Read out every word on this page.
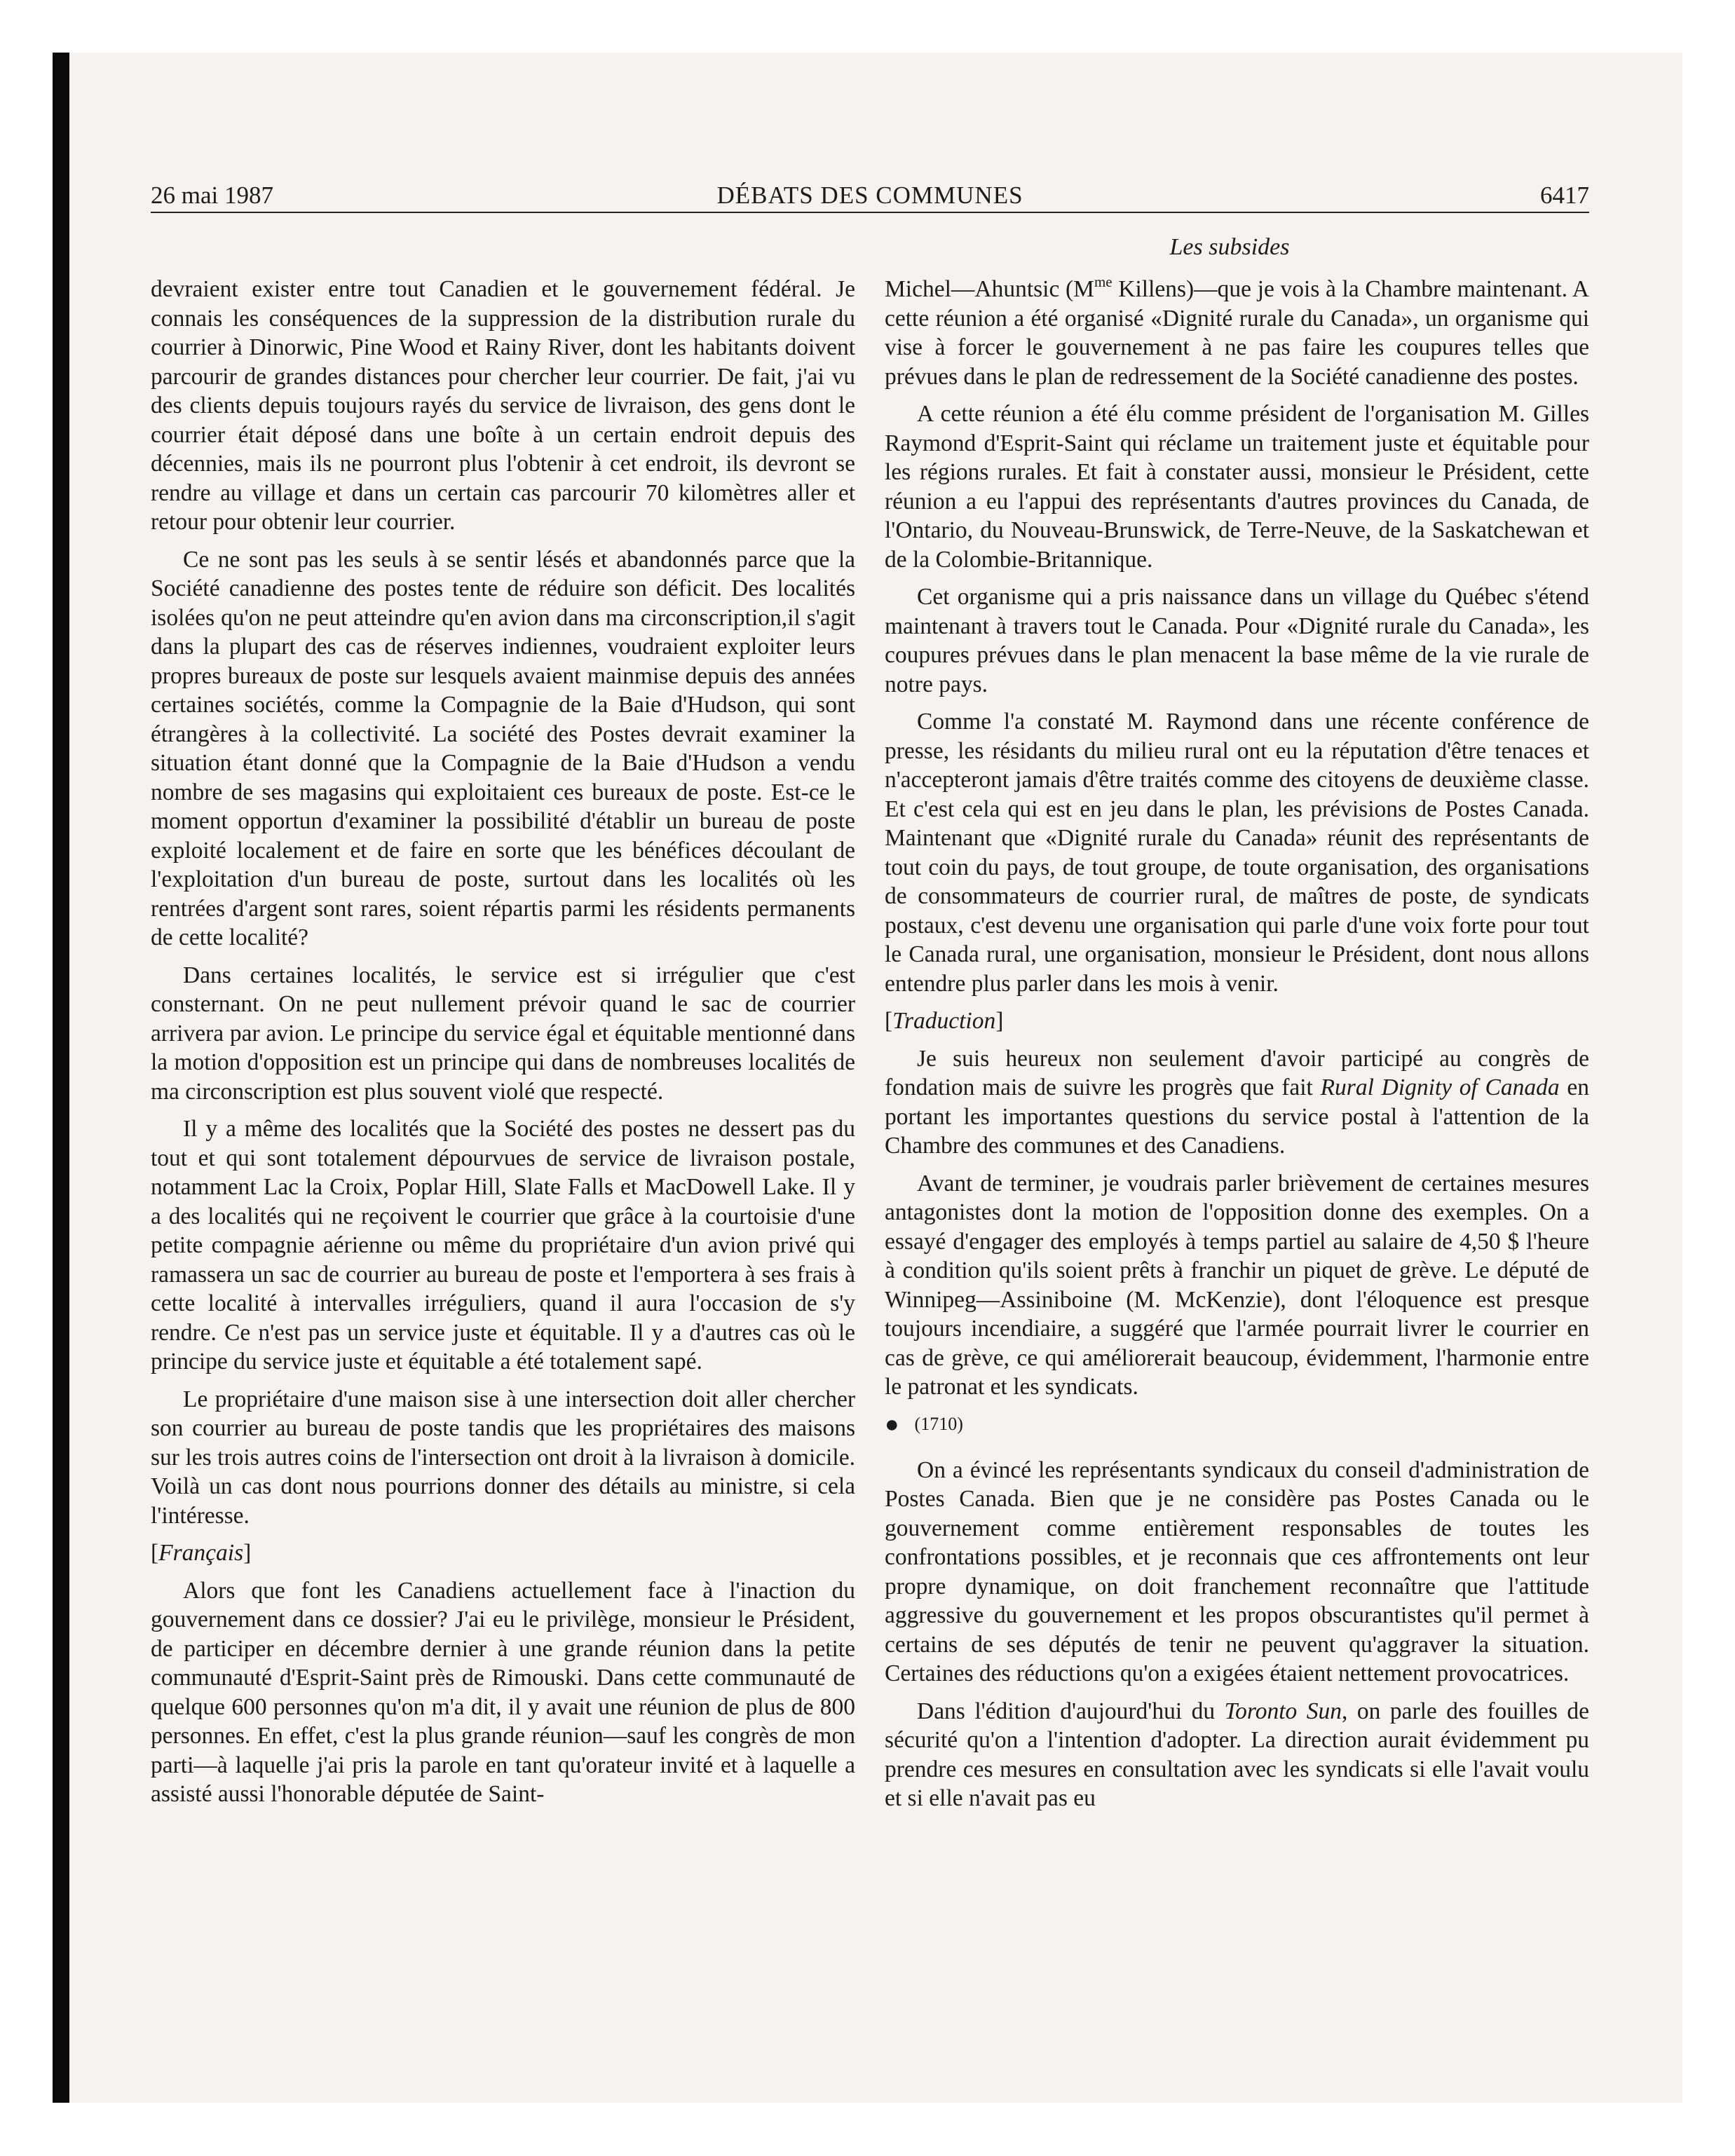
26 mai 1987	DÉBATS DES COMMUNES	6417
Les subsides

devraient exister entre tout Canadien et le gouvernement fédéral. Je connais les conséquences de la suppression de la distribution rurale du courrier à Dinorwic, Pine Wood et Rainy River, dont les habitants doivent parcourir de grandes distances pour chercher leur courrier. De fait, j'ai vu des clients depuis toujours rayés du service de livraison, des gens dont le courrier était déposé dans une boîte à un certain endroit depuis des décennies, mais ils ne pourront plus l'obtenir à cet endroit, ils devront se rendre au village et dans un certain cas parcourir 70 kilomètres aller et retour pour obtenir leur courrier.

Ce ne sont pas les seuls à se sentir lésés et abandonnés parce que la Société canadienne des postes tente de réduire son déficit. Des localités isolées qu'on ne peut atteindre qu'en avion dans ma circonscription,il s'agit dans la plupart des cas de réserves indiennes, voudraient exploiter leurs propres bureaux de poste sur lesquels avaient mainmise depuis des années certaines sociétés, comme la Compagnie de la Baie d'Hudson, qui sont étrangères à la collectivité. La société des Postes devrait examiner la situation étant donné que la Compagnie de la Baie d'Hudson a vendu nombre de ses magasins qui exploitaient ces bureaux de poste. Est-ce le moment opportun d'examiner la possibilité d'établir un bureau de poste exploité localement et de faire en sorte que les bénéfices découlant de l'exploitation d'un bureau de poste, surtout dans les localités où les rentrées d'argent sont rares, soient répartis parmi les résidents permanents de cette localité?

Dans certaines localités, le service est si irrégulier que c'est consternant. On ne peut nullement prévoir quand le sac de courrier arrivera par avion. Le principe du service égal et équitable mentionné dans la motion d'opposition est un principe qui dans de nombreuses localités de ma circonscription est plus souvent violé que respecté.

Il y a même des localités que la Société des postes ne dessert pas du tout et qui sont totalement dépourvues de service de livraison postale, notamment Lac la Croix, Poplar Hill, Slate Falls et MacDowell Lake. Il y a des localités qui ne reçoivent le courrier que grâce à la courtoisie d'une petite compagnie aérienne ou même du propriétaire d'un avion privé qui ramassera un sac de courrier au bureau de poste et l'emportera à ses frais à cette localité à intervalles irréguliers, quand il aura l'occasion de s'y rendre. Ce n'est pas un service juste et équitable. Il y a d'autres cas où le principe du service juste et équitable a été totalement sapé.

Le propriétaire d'une maison sise à une intersection doit aller chercher son courrier au bureau de poste tandis que les propriétaires des maisons sur les trois autres coins de l'intersection ont droit à la livraison à domicile. Voilà un cas dont nous pourrions donner des détails au ministre, si cela l'intéresse.

[Français]

Alors que font les Canadiens actuellement face à l'inaction du gouvernement dans ce dossier? J'ai eu le privilège, monsieur le Président, de participer en décembre dernier à une grande réunion dans la petite communauté d'Esprit-Saint près de Rimouski. Dans cette communauté de quelque 600 personnes qu'on m'a dit, il y avait une réunion de plus de 800 personnes. En effet, c'est la plus grande réunion—sauf les congrès de mon parti—à laquelle j'ai pris la parole en tant qu'orateur invité et à laquelle a assisté aussi l'honorable députée de Saint-

Michel—Ahuntsic ($M^{me}$ Killens)—que je vois à la Chambre maintenant. A cette réunion a été organisé «Dignité rurale du Canada», un organisme qui vise à forcer le gouvernement à ne pas faire les coupures telles que prévues dans le plan de redressement de la Société canadienne des postes.

A cette réunion a été élu comme président de l'organisation M. Gilles Raymond d'Esprit-Saint qui réclame un traitement juste et équitable pour les régions rurales. Et fait à constater aussi, monsieur le Président, cette réunion a eu l'appui des représentants d'autres provinces du Canada, de l'Ontario, du Nouveau-Brunswick, de Terre-Neuve, de la Saskatchewan et de la Colombie-Britannique.

Cet organisme qui a pris naissance dans un village du Québec s'étend maintenant à travers tout le Canada. Pour «Dignité rurale du Canada», les coupures prévues dans le plan menacent la base même de la vie rurale de notre pays.

Comme l'a constaté M. Raymond dans une récente conférence de presse, les résidants du milieu rural ont eu la réputation d'être tenaces et n'accepteront jamais d'être traités comme des citoyens de deuxième classe. Et c'est cela qui est en jeu dans le plan, les prévisions de Postes Canada. Maintenant que «Dignité rurale du Canada» réunit des représentants de tout coin du pays, de tout groupe, de toute organisation, des organisations de consommateurs de courrier rural, de maîtres de poste, de syndicats postaux, c'est devenu une organisation qui parle d'une voix forte pour tout le Canada rural, une organisation, monsieur le Président, dont nous allons entendre plus parler dans les mois à venir.

[Traduction]

Je suis heureux non seulement d'avoir participé au congrès de fondation mais de suivre les progrès que fait Rural Dignity of Canada en portant les importantes questions du service postal à l'attention de la Chambre des communes et des Canadiens.

Avant de terminer, je voudrais parler brièvement de certaines mesures antagonistes dont la motion de l'opposition donne des exemples. On a essayé d'engager des employés à temps partiel au salaire de 4,50 $ l'heure à condition qu'ils soient prêts à franchir un piquet de grève. Le député de Winnipeg—Assiniboine (M. McKenzie), dont l'éloquence est presque toujours incendiaire, a suggéré que l'armée pourrait livrer le courrier en cas de grève, ce qui améliorerait beaucoup, évidemment, l'harmonie entre le patronat et les syndicats.

● (1710)

On a évincé les représentants syndicaux du conseil d'administration de Postes Canada. Bien que je ne considère pas Postes Canada ou le gouvernement comme entièrement responsables de toutes les confrontations possibles, et je reconnais que ces affrontements ont leur propre dynamique, on doit franchement reconnaître que l'attitude aggressive du gouvernement et les propos obscurantistes qu'il permet à certains de ses députés de tenir ne peuvent qu'aggraver la situation. Certaines des réductions qu'on a exigées étaient nettement provocatrices.

Dans l'édition d'aujourd'hui du Toronto Sun, on parle des fouilles de sécurité qu'on a l'intention d'adopter. La direction aurait évidemment pu prendre ces mesures en consultation avec les syndicats si elle l'avait voulu et si elle n'avait pas eu
